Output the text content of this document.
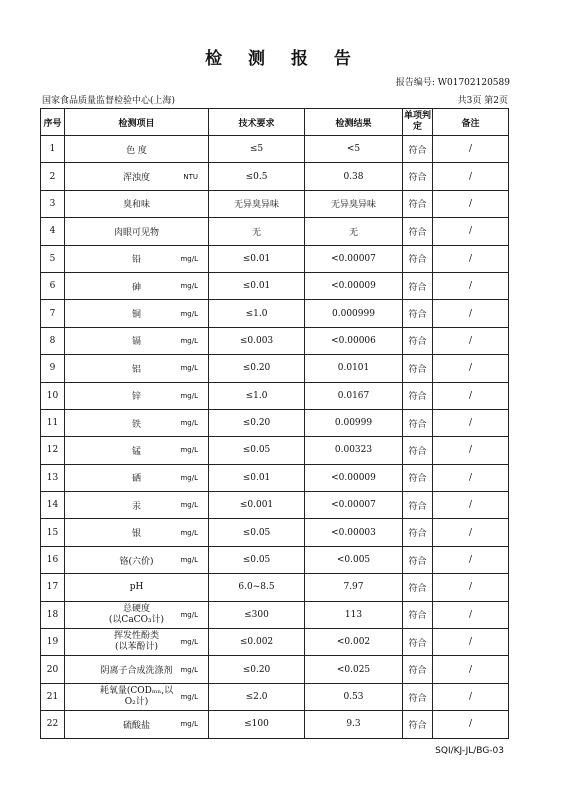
检 测 报 告
报告编号: W01702120589
国家食品质量监督检验中心(上海)	共3页 第2页
序号	检测项目	技术要求	检测结果	单项判定	备注
1	色 度	≤5	<5	符合	/
2	浑浊度 NTU	≤0.5	0.38	符合	/
3	臭和味	无异臭异味	无异臭异味	符合	/
4	肉眼可见物	无	无	符合	/
5	铅 mg/L	≤0.01	<0.00007	符合	/
6	砷 mg/L	≤0.01	<0.00009	符合	/
7	铜 mg/L	≤1.0	0.000999	符合	/
8	镉 mg/L	≤0.003	<0.00006	符合	/
9	铝 mg/L	≤0.20	0.0101	符合	/
10	锌 mg/L	≤1.0	0.0167	符合	/
11	铁 mg/L	≤0.20	0.00999	符合	/
12	锰 mg/L	≤0.05	0.00323	符合	/
13	硒 mg/L	≤0.01	<0.00009	符合	/
14	汞 mg/L	≤0.001	<0.00007	符合	/
15	银 mg/L	≤0.05	<0.00003	符合	/
16	铬(六价) mg/L	≤0.05	<0.005	符合	/
17	pH	6.0~8.5	7.97	符合	/
18	总硬度
(以CaCO₃计) mg/L	≤300	113	符合	/
19	挥发性酚类
(以苯酚计) mg/L	≤0.002	<0.002	符合	/
20	阴离子合成洗涤剂 mg/L	≤0.20	<0.025	符合	/
21	耗氧量(CODₘₙ,以
O₂计) mg/L	≤2.0	0.53	符合	/
22	硫酸盐 mg/L	≤100	9.3	符合	/
SQI/KJ-JL/BG-03
